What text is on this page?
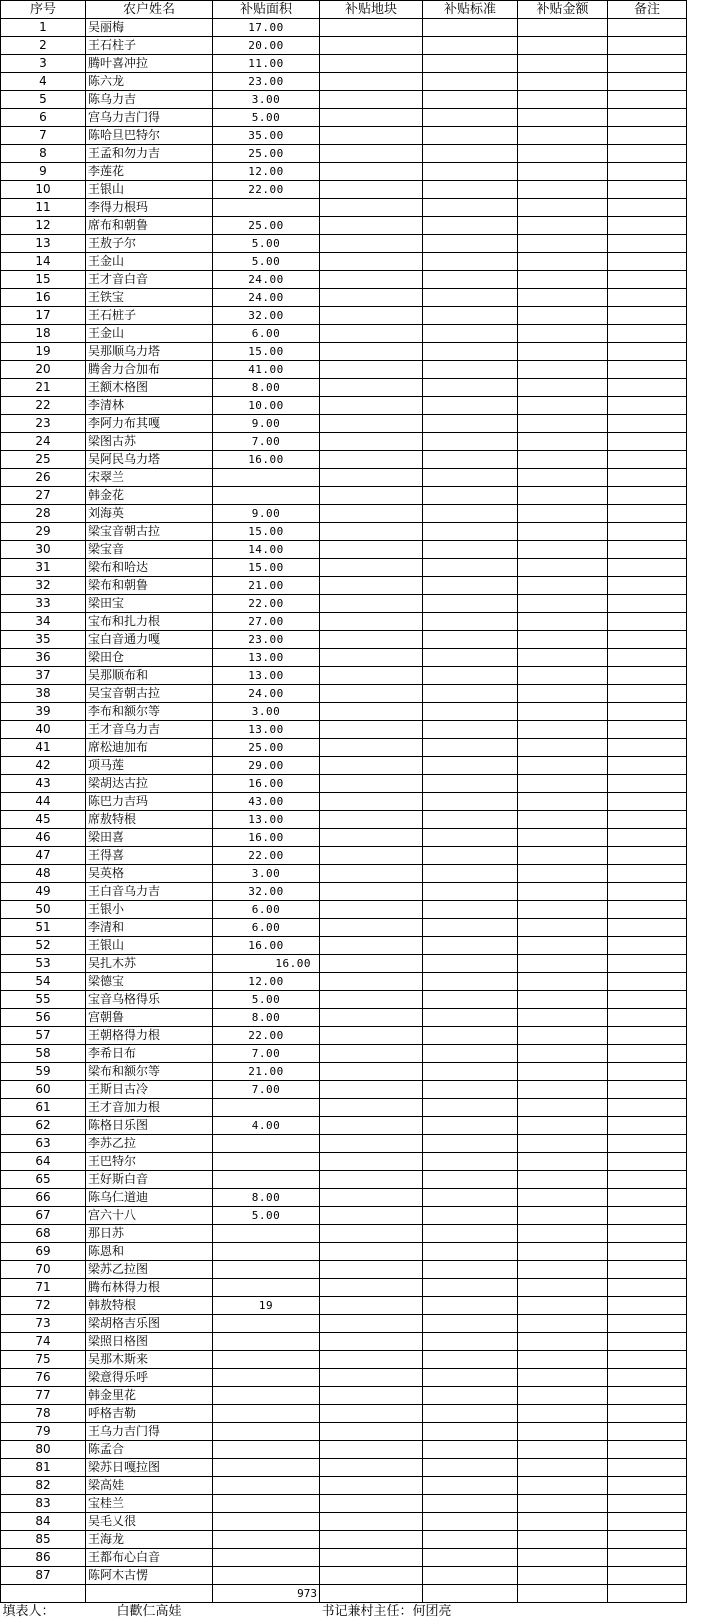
序号	农户姓名	补贴面积	补贴地块	补贴标准	补贴金额	备注
1	吴丽梅	17.00				
2	王石柱子	20.00				
3	腾叶喜冲拉	11.00				
4	陈六龙	23.00				
5	陈乌力吉	3.00				
6	宫乌力吉门得	5.00				
7	陈哈旦巴特尔	35.00				
8	王孟和勿力吉	25.00				
9	李莲花	12.00				
10	王银山	22.00				
11	李得力根玛					
12	席布和朝鲁	25.00				
13	王敖子尔	5.00				
14	王金山	5.00				
15	王才音白音	24.00				
16	王铁宝	24.00				
17	王石桩子	32.00				
18	王金山	6.00				
19	吴那顺乌力塔	15.00				
20	腾舍力合加布	41.00				
21	王额木格图	8.00				
22	李清林	10.00				
23	李阿力布其嘎	9.00				
24	梁图古苏	7.00				
25	吴阿民乌力塔	16.00				
26	宋翠兰					
27	韩金花					
28	刘海英	9.00				
29	梁宝音朝古拉	15.00				
30	梁宝音	14.00				
31	梁布和哈达	15.00				
32	梁布和朝鲁	21.00				
33	梁田宝	22.00				
34	宝布和扎力根	27.00				
35	宝白音通力嘎	23.00				
36	梁田仓	13.00				
37	吴那顺布和	13.00				
38	吴宝音朝古拉	24.00				
39	李布和额尔等	3.00				
40	王才音乌力吉	13.00				
41	席松迪加布	25.00				
42	项马莲	29.00				
43	梁胡达古拉	16.00				
44	陈巴力吉玛	43.00				
45	席敖特根	13.00				
46	梁田喜	16.00				
47	王得喜	22.00				
48	吴英格	3.00				
49	王白音乌力吉	32.00				
50	王银小	6.00				
51	李清和	6.00				
52	王银山	16.00				
53	吴扎木苏	16.00				
54	梁德宝	12.00				
55	宝音乌格得乐	5.00				
56	宫朝鲁	8.00				
57	王朝格得力根	22.00				
58	李希日布	7.00				
59	梁布和额尔等	21.00				
60	王斯日古冷	7.00				
61	王才音加力根					
62	陈格日乐图	4.00				
63	李苏乙拉					
64	王巴特尔					
65	王好斯白音					
66	陈乌仁道迪	8.00				
67	宫六十八	5.00				
68	那日苏					
69	陈恩和					
70	梁苏乙拉图					
71	腾布林得力根					
72	韩敖特根	19				
73	梁胡格吉乐图					
74	梁照日格图					
75	吴那木斯来					
76	梁意得乐呼					
77	韩金里花					
78	呼格吉勒					
79	王乌力吉门得					
80	陈孟合					
81	梁苏日嘎拉图					
82	梁高娃					
83	宝桂兰					
84	吴毛乂很					
85	王海龙					
86	王都布心白音					
87	陈阿木古愣					
		973				
填表人：	白歡仁高娃		书记兼村主任：何团亮			
